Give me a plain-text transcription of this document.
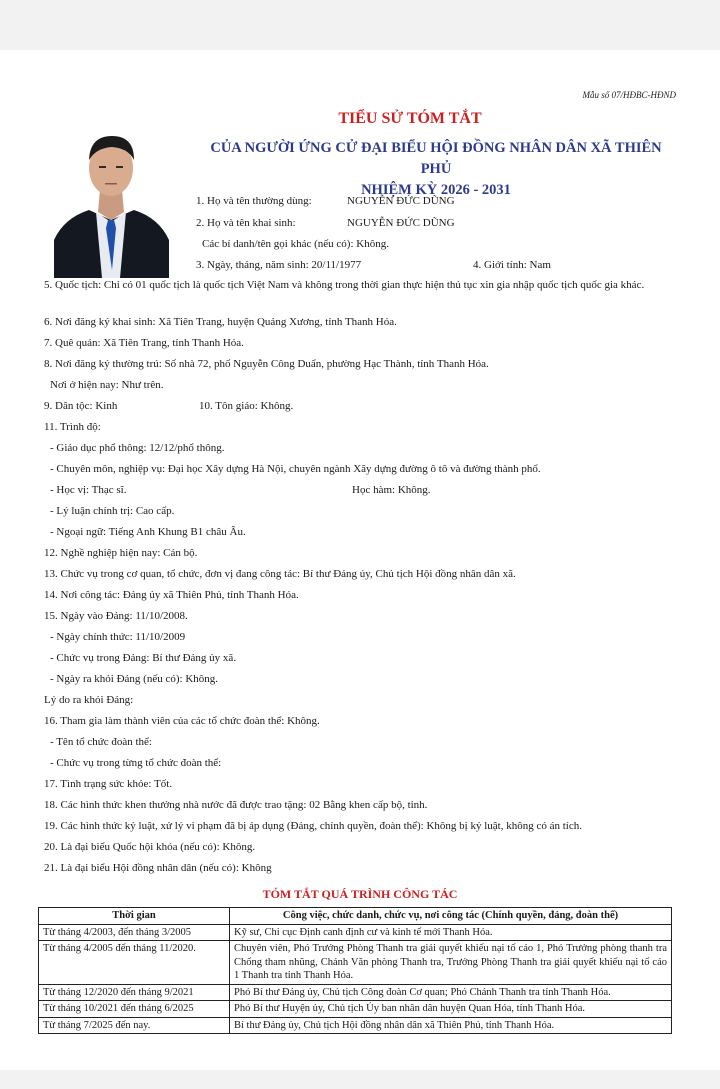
Mẫu số 07/HĐBC-HĐND
TIỂU SỬ TÓM TẮT
CỦA NGƯỜI ỨNG CỬ ĐẠI BIỂU HỘI ĐỒNG NHÂN DÂN XÃ THIÊN PHỦ
NHIỆM KỲ 2026 - 2031
1. Họ và tên thường dùng:	NGUYỄN ĐỨC DŨNG
2. Họ và tên khai sinh:	NGUYỄN ĐỨC DŨNG
Các bí danh/tên gọi khác (nếu có): Không.
3. Ngày, tháng, năm sinh: 20/11/1977	4. Giới tính: Nam
5. Quốc tịch: Chỉ có 01 quốc tịch là quốc tịch Việt Nam và không trong thời gian thực hiện thủ tục xin gia nhập quốc tịch quốc gia khác.
6. Nơi đăng ký khai sinh: Xã Tiên Trang, huyện Quảng Xương, tỉnh Thanh Hóa.
7. Quê quán: Xã Tiên Trang, tỉnh Thanh Hóa.
8. Nơi đăng ký thường trú: Số nhà 72, phố Nguyễn Công Duẩn, phường Hạc Thành, tỉnh Thanh Hóa.
Nơi ở hiện nay: Như trên.
9. Dân tộc: Kinh	10. Tôn giáo: Không.
11. Trình độ:
- Giáo dục phổ thông: 12/12/phổ thông.
- Chuyên môn, nghiệp vụ: Đại học Xây dựng Hà Nội, chuyên ngành Xây dựng đường ô tô và đường thành phố.
- Học vị: Thạc sĩ.	Học hàm: Không.
- Lý luận chính trị: Cao cấp.
- Ngoại ngữ: Tiếng Anh Khung B1 châu Âu.
12. Nghề nghiệp hiện nay: Cán bộ.
13. Chức vụ trong cơ quan, tổ chức, đơn vị đang công tác: Bí thư Đảng ủy, Chủ tịch Hội đồng nhân dân xã.
14. Nơi công tác: Đảng ủy xã Thiên Phủ, tỉnh Thanh Hóa.
15. Ngày vào Đảng: 11/10/2008.
- Ngày chính thức: 11/10/2009
- Chức vụ trong Đảng: Bí thư Đảng ủy xã.
- Ngày ra khỏi Đảng (nếu có): Không.
Lý do ra khỏi Đảng:
16. Tham gia làm thành viên của các tổ chức đoàn thể: Không.
- Tên tổ chức đoàn thể:
- Chức vụ trong từng tổ chức đoàn thể:
17. Tình trạng sức khỏe: Tốt.
18. Các hình thức khen thưởng nhà nước đã được trao tặng: 02 Bằng khen cấp bộ, tỉnh.
19. Các hình thức kỷ luật, xử lý vi phạm đã bị áp dụng (Đảng, chính quyền, đoàn thể): Không bị kỷ luật, không có án tích.
20. Là đại biểu Quốc hội khóa (nếu có): Không.
21. Là đại biểu Hội đồng nhân dân (nếu có): Không
TÓM TẮT QUÁ TRÌNH CÔNG TÁC
Thời gian	Công việc, chức danh, chức vụ, nơi công tác (Chính quyền, đảng, đoàn thể)
Từ tháng 4/2003, đến tháng 3/2005	Kỹ sư, Chi cục Định canh định cư và kinh tế mới Thanh Hóa.
Từ tháng 4/2005 đến tháng 11/2020.	Chuyên viên, Phó Trưởng Phòng Thanh tra giải quyết khiếu nại tố cáo 1, Phó Trưởng phòng thanh tra Chống tham nhũng, Chánh Văn phòng Thanh tra, Trưởng Phòng Thanh tra giải quyết khiếu nại tố cáo 1 Thanh tra tỉnh Thanh Hóa.
Từ tháng 12/2020 đến tháng 9/2021	Phó Bí thư Đảng ủy, Chủ tịch Công đoàn Cơ quan; Phó Chánh Thanh tra tỉnh Thanh Hóa.
Từ tháng 10/2021 đến tháng 6/2025	Phó Bí thư Huyện ủy, Chủ tịch Ủy ban nhân dân huyện Quan Hóa, tỉnh Thanh Hóa.
Từ tháng 7/2025 đến nay.	Bí thư Đảng ủy, Chủ tịch Hội đồng nhân dân xã Thiên Phủ, tỉnh Thanh Hóa.
